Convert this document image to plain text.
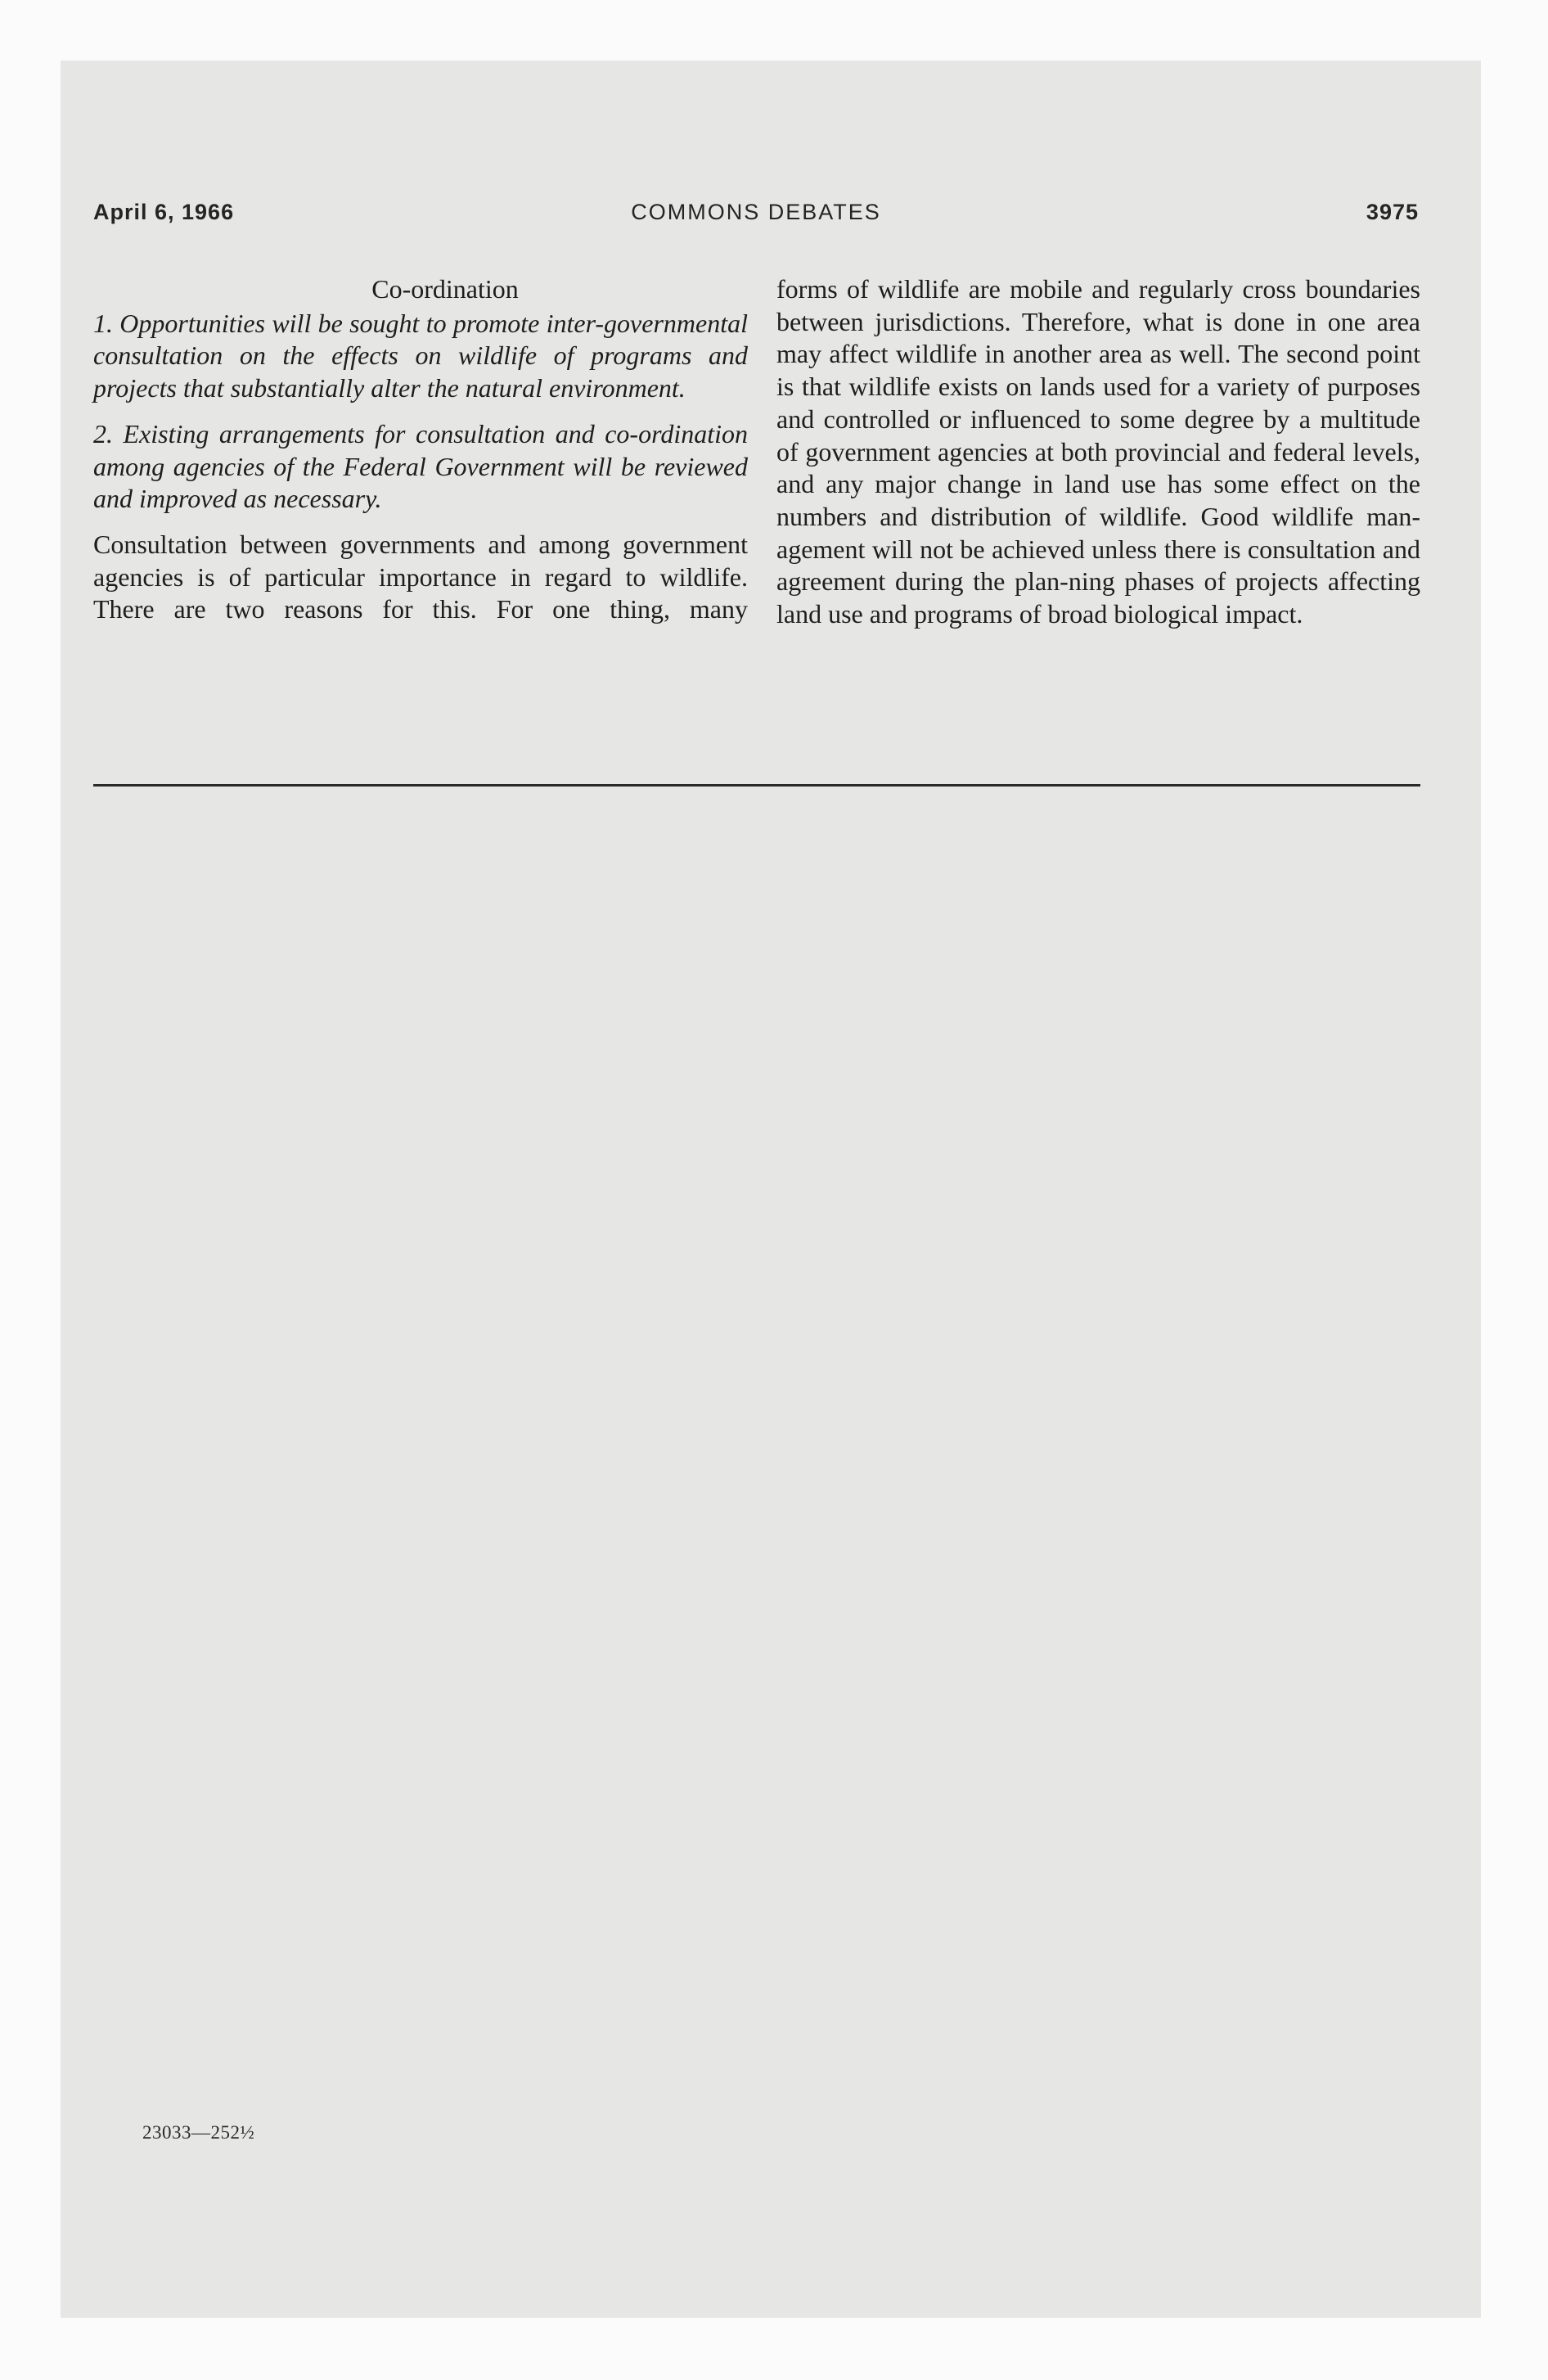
April 6, 1966	COMMONS DEBATES	3975
Co-ordination

1. Opportunities will be sought to promote inter-governmental consultation on the effects on wildlife of programs and projects that substantially alter the natural environment.

2. Existing arrangements for consultation and co-ordination among agencies of the Federal Government will be reviewed and improved as necessary.

Consultation between governments and among government agencies is of particular importance in regard to wildlife. There are two reasons for this. For one thing, many

forms of wildlife are mobile and regularly cross boundaries between jurisdictions. Therefore, what is done in one area may affect wildlife in another area as well. The second point is that wildlife exists on lands used for a variety of purposes and controlled or influenced to some degree by a multitude of government agencies at both provincial and federal levels, and any major change in land use has some effect on the numbers and distribution of wildlife. Good wildlife man-agement will not be achieved unless there is consultation and agreement during the plan-ning phases of projects affecting land use and programs of broad biological impact.

23033—252½
